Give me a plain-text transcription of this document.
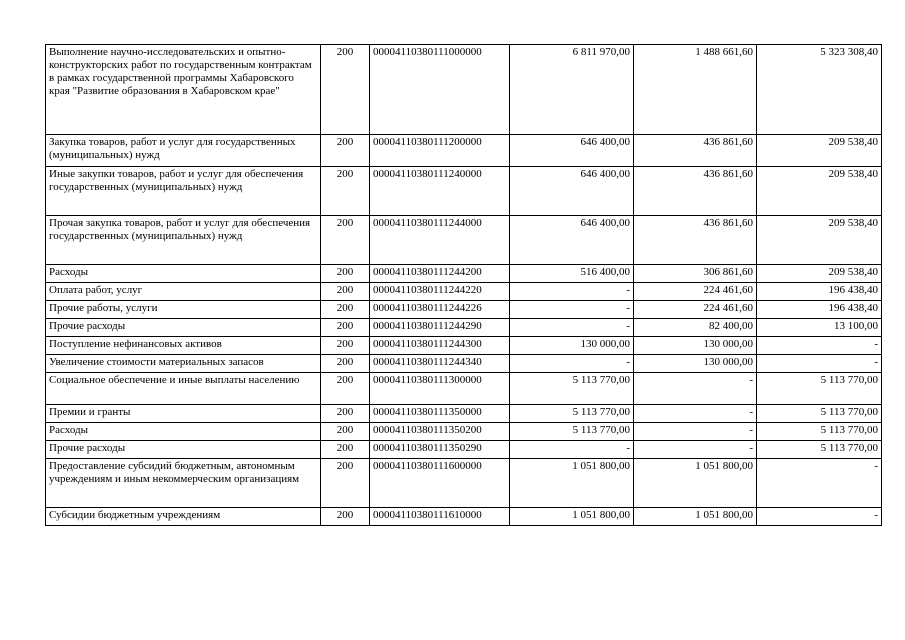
Выполнение научно-исследовательских и опытно-конструкторских работ по государственным контрактам в рамках государственной программы Хабаровского края "Развитие образования в Хабаровском крае"	200	00004110380111000000	6 811 970,00	1 488 661,60	5 323 308,40
Закупка товаров, работ и услуг для государственных (муниципальных) нужд	200	00004110380111200000	646 400,00	436 861,60	209 538,40
Иные закупки товаров, работ и услуг для обеспечения государственных (муниципальных) нужд	200	00004110380111240000	646 400,00	436 861,60	209 538,40
Прочая закупка товаров, работ и услуг для обеспечения государственных (муниципальных) нужд	200	00004110380111244000	646 400,00	436 861,60	209 538,40
Расходы	200	00004110380111244200	516 400,00	306 861,60	209 538,40
Оплата работ, услуг	200	00004110380111244220	-	224 461,60	196 438,40
Прочие работы, услуги	200	00004110380111244226	-	224 461,60	196 438,40
Прочие расходы	200	00004110380111244290	-	82 400,00	13 100,00
Поступление нефинансовых активов	200	00004110380111244300	130 000,00	130 000,00	-
Увеличение стоимости материальных запасов	200	00004110380111244340	-	130 000,00	-
Социальное обеспечение и иные выплаты населению	200	00004110380111300000	5 113 770,00	-	5 113 770,00
Премии и гранты	200	00004110380111350000	5 113 770,00	-	5 113 770,00
Расходы	200	00004110380111350200	5 113 770,00	-	5 113 770,00
Прочие расходы	200	00004110380111350290	-	-	5 113 770,00
Предоставление субсидий бюджетным, автономным учреждениям и иным некоммерческим организациям	200	00004110380111600000	1 051 800,00	1 051 800,00	-
Субсидии бюджетным учреждениям	200	00004110380111610000	1 051 800,00	1 051 800,00	-
